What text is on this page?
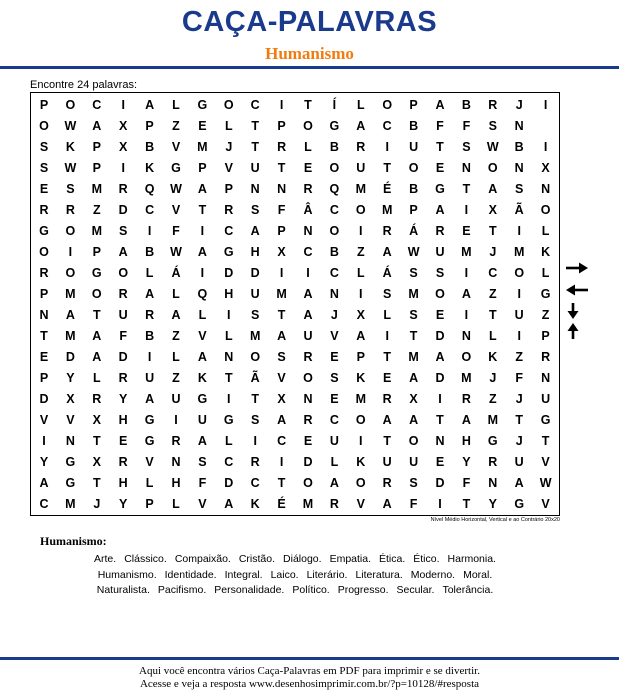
CAÇA-PALAVRAS
Humanismo
Encontre 24 palavras:
P	O	C	I	A	L	G	O	C	I	T	Í	L	O	P	A	B	R	J	I
O	W	A	X	P	Z	E	L	T	P	O	G	A	C	B	F	F	S	N
S	K	P	X	B	V	M	J	T	R	L	B	R	I	U	T	S	W	B	I
S	W	P	I	K	G	P	V	U	T	E	O	U	T	O	E	N	O	N	X
E	S	M	R	Q	W	A	P	N	N	R	Q	M	É	B	G	T	A	S	N
R	R	Z	D	C	V	T	R	S	F	Â	C	O	M	P	A	I	X	Ã	O
G	O	M	S	I	F	I	C	A	P	N	O	I	R	Á	R	E	T	I	L
O	I	P	A	B	W	A	G	H	X	C	B	Z	A	W	U	M	J	M	K
R	O	G	O	L	Á	I	D	D	I	I	C	L	Á	S	S	I	C	O	L
P	M	O	R	A	L	Q	H	U	M	A	N	I	S	M	O	A	Z	I	G
N	A	T	U	R	A	L	I	S	T	A	J	X	L	S	E	I	T	U	Z
T	M	A	F	B	Z	V	L	M	A	U	V	A	I	T	D	N	L	I	P
E	D	A	D	I	L	A	N	O	S	R	E	P	T	M	A	O	K	Z	R
P	Y	L	R	U	Z	K	T	Ã	V	O	S	K	E	A	D	M	J	F	N
D	X	R	Y	A	U	G	I	T	X	N	E	M	R	X	I	R	Z	J	U
V	V	X	H	G	I	U	G	S	A	R	C	O	A	A	T	A	M	T	G
I	N	T	E	G	R	A	L	I	C	E	U	I	T	O	N	H	G	J	T
Y	G	X	R	V	N	S	C	R	I	D	L	K	U	U	E	Y	R	U	V
A	G	T	H	L	H	F	D	C	T	O	A	O	R	S	D	F	N	A	W
C	M	J	Y	P	L	V	A	K	É	M	R	V	A	F	I	T	Y	G	V
Nível Médio Horizontal, Vertical e ao Contrário 20x20
Humanismo:
Arte. Clássico. Compaixão. Cristão. Diálogo. Empatia. Ética. Ético. Harmonia.
Humanismo. Identidade. Integral. Laico. Literário. Literatura. Moderno. Moral.
Naturalista. Pacifismo. Personalidade. Político. Progresso. Secular. Tolerância.
Aqui você encontra vários Caça-Palavras em PDF para imprimir e se divertir.
Acesse e veja a resposta www.desenhosimprimir.com.br/?p=10128/#resposta
